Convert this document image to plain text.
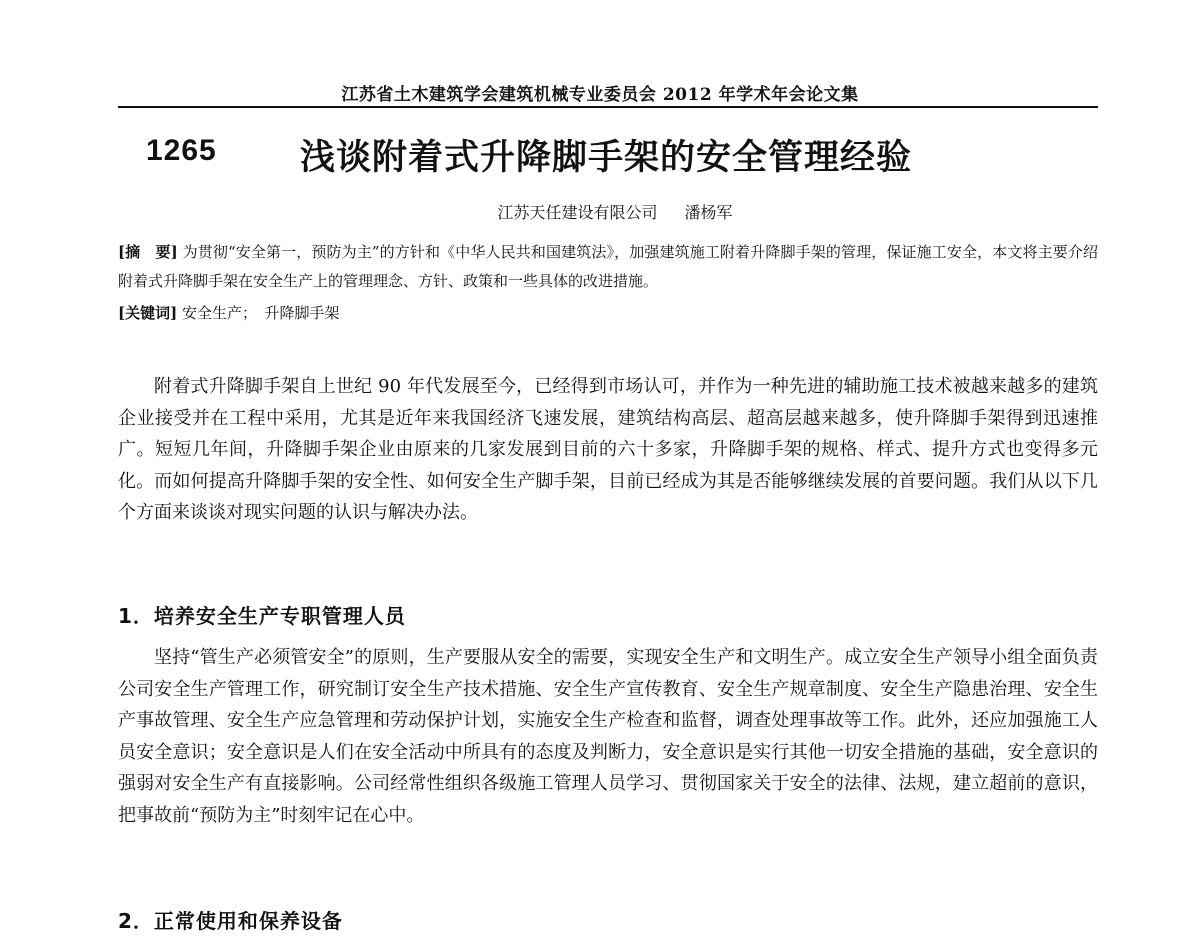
江苏省土木建筑学会建筑机械专业委员会 2012 年学术年会论文集
1265 浅谈附着式升降脚手架的安全管理经验
江苏天任建设有限公司 潘杨军
[摘　要] 为贯彻“安全第一，预防为主”的方针和《中华人民共和国建筑法》，加强建筑施工附着升降脚手架的管理，保证施工安全，本文将主要介绍附着式升降脚手架在安全生产上的管理理念、方针、政策和一些具体的改进措施。
[关键词] 安全生产；　升降脚手架
附着式升降脚手架自上世纪 90 年代发展至今，已经得到市场认可，并作为一种先进的辅助施工技术被越来越多的建筑企业接受并在工程中采用，尤其是近年来我国经济飞速发展，建筑结构高层、超高层越来越多，使升降脚手架得到迅速推广。短短几年间，升降脚手架企业由原来的几家发展到目前的六十多家，升降脚手架的规格、样式、提升方式也变得多元化。而如何提高升降脚手架的安全性、如何安全生产脚手架，目前已经成为其是否能够继续发展的首要问题。我们从以下几个方面来谈谈对现实问题的认识与解决办法。
1．培养安全生产专职管理人员
坚持“管生产必须管安全”的原则，生产要服从安全的需要，实现安全生产和文明生产。成立安全生产领导小组全面负责公司安全生产管理工作，研究制订安全生产技术措施、安全生产宣传教育、安全生产规章制度、安全生产隐患治理、安全生产事故管理、安全生产应急管理和劳动保护计划，实施安全生产检查和监督，调查处理事故等工作。此外，还应加强施工人员安全意识；安全意识是人们在安全活动中所具有的态度及判断力，安全意识是实行其他一切安全措施的基础，安全意识的强弱对安全生产有直接影响。公司经常性组织各级施工管理人员学习、贯彻国家关于安全的法律、法规，建立超前的意识，把事故前“预防为主”时刻牢记在心中。
2．正常使用和保养设备
